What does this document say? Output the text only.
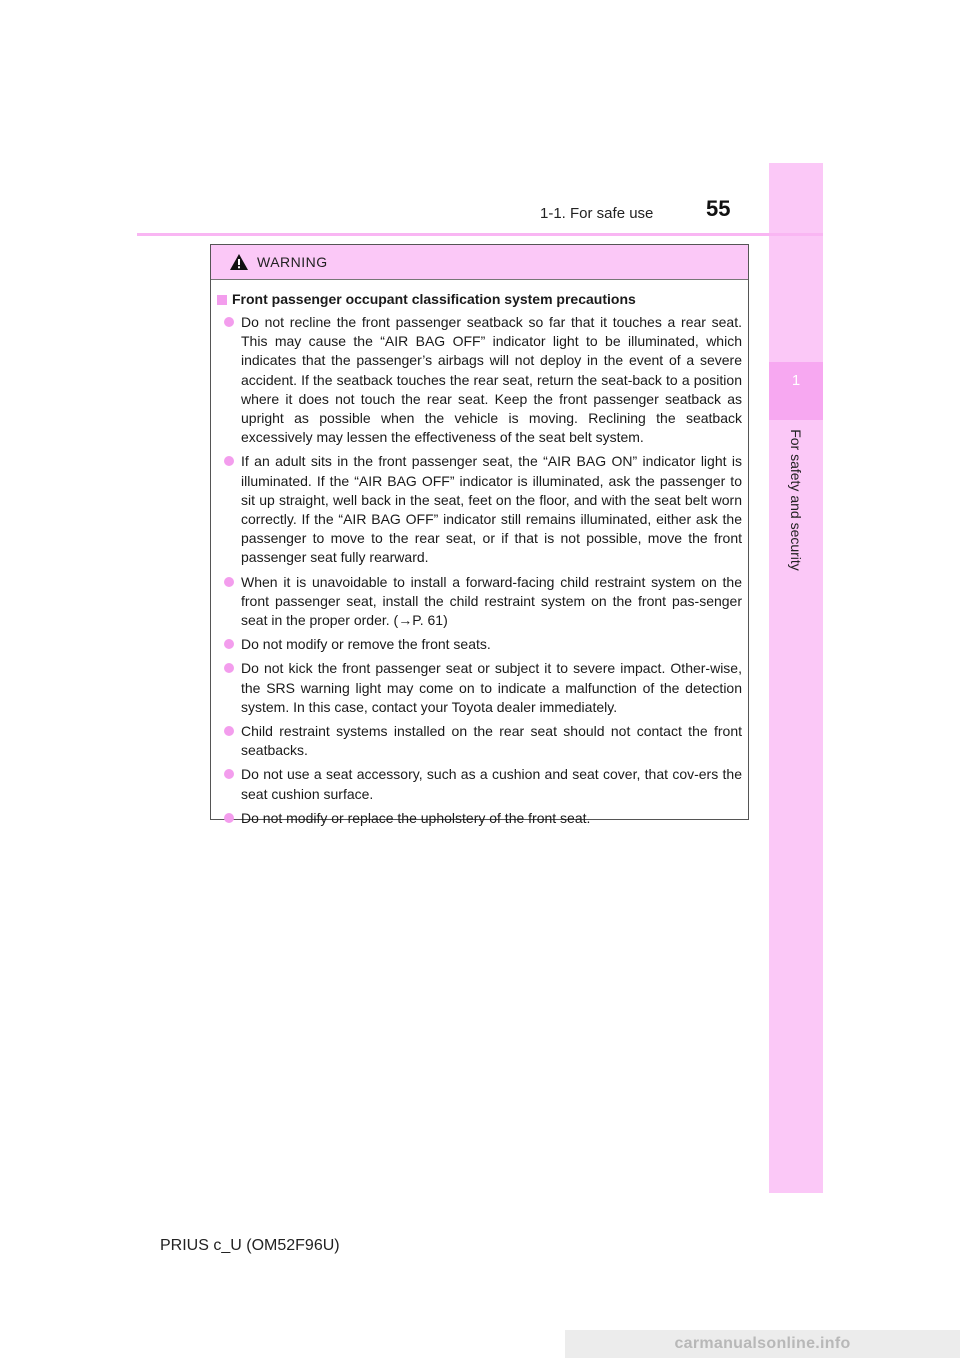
1
For safety and security
55
1-1. For safe use
WARNING
Front passenger occupant classification system precautions
Do not recline the front passenger seatback so far that it touches a rear seat. This may cause the “AIR BAG OFF” indicator light to be illuminated, which indicates that the passenger’s airbags will not deploy in the event of a severe accident. If the seatback touches the rear seat, return the seat-back to a position where it does not touch the rear seat. Keep the front passenger seatback as upright as possible when the vehicle is moving. Reclining the seatback excessively may lessen the effectiveness of the seat belt system.
If an adult sits in the front passenger seat, the “AIR BAG ON” indicator light is illuminated. If the “AIR BAG OFF” indicator is illuminated, ask the passenger to sit up straight, well back in the seat, feet on the floor, and with the seat belt worn correctly. If the “AIR BAG OFF” indicator still remains illuminated, either ask the passenger to move to the rear seat, or if that is not possible, move the front passenger seat fully rearward.
When it is unavoidable to install a forward-facing child restraint system on the front passenger seat, install the child restraint system on the front pas-senger seat in the proper order. (→P. 61)
Do not modify or remove the front seats.
Do not kick the front passenger seat or subject it to severe impact. Other-wise, the SRS warning light may come on to indicate a malfunction of the detection system. In this case, contact your Toyota dealer immediately.
Child restraint systems installed on the rear seat should not contact the front seatbacks.
Do not use a seat accessory, such as a cushion and seat cover, that cov-ers the seat cushion surface.
Do not modify or replace the upholstery of the front seat.
PRIUS c_U (OM52F96U)
carmanualsonline.info
